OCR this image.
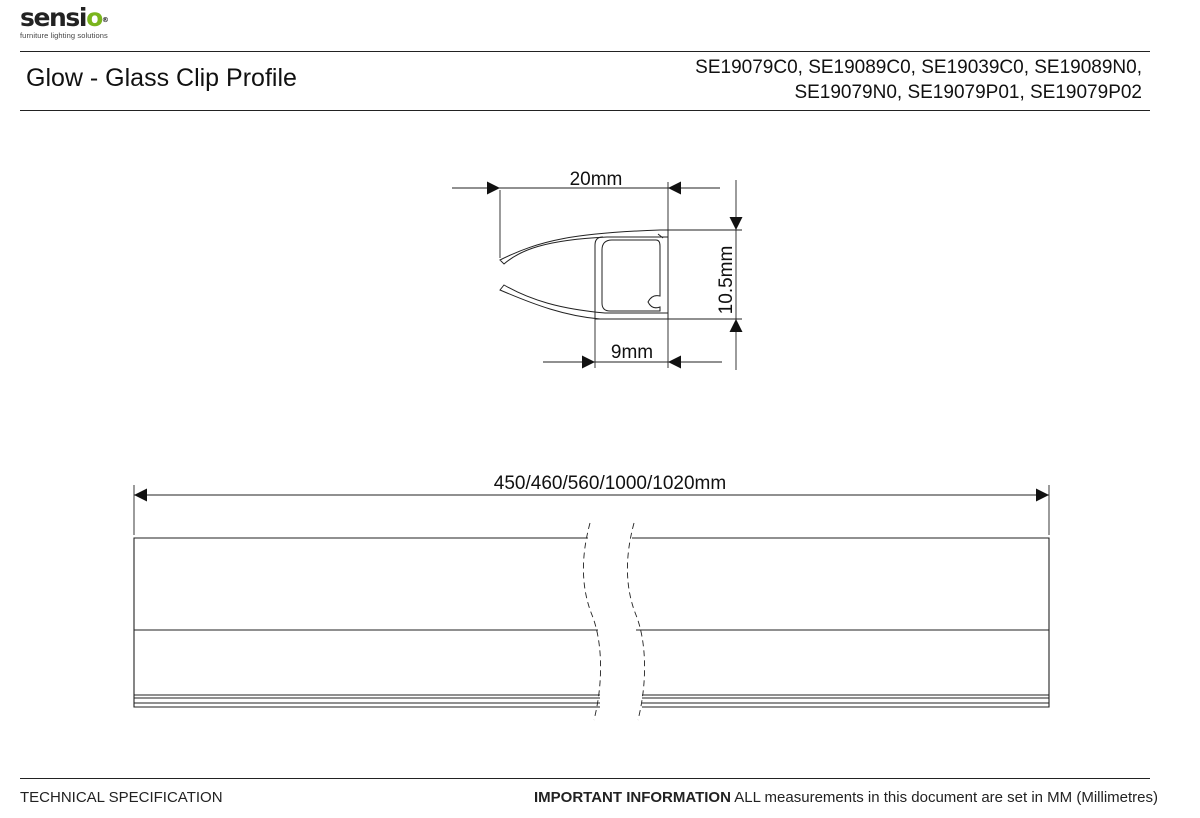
sensio®
furniture lighting solutions
Glow - Glass Clip Profile	SE19079C0, SE19089C0, SE19039C0, SE19089N0,
SE19079N0, SE19079P01, SE19079P02
20mm
10.5mm
9mm
450/460/560/1000/1020mm
TECHNICAL SPECIFICATION	IMPORTANT INFORMATION ALL measurements in this document are set in MM (Millimetres)
